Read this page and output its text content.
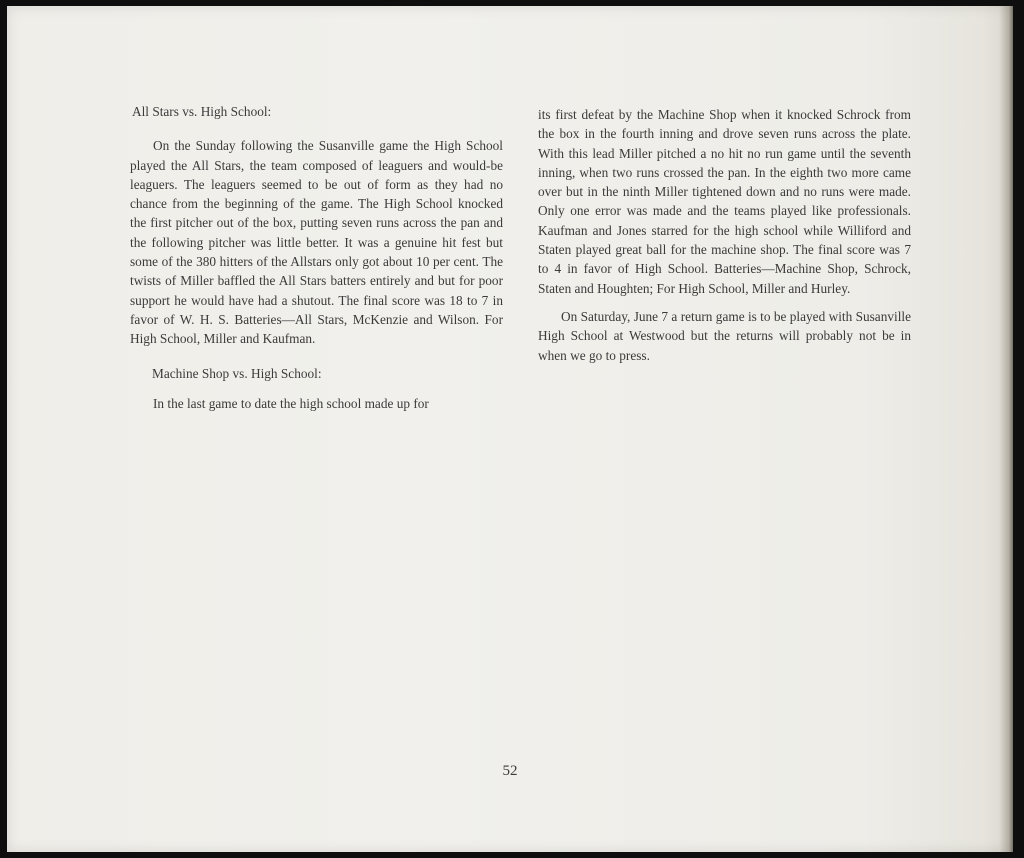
All Stars vs. High School:

On the Sunday following the Susanville game the High School played the All Stars, the team composed of leaguers and would-be leaguers. The leaguers seemed to be out of form as they had no chance from the beginning of the game. The High School knocked the first pitcher out of the box, putting seven runs across the pan and the following pitcher was little better. It was a genuine hit fest but some of the 380 hitters of the Allstars only got about 10 per cent. The twists of Miller baffled the All Stars batters entirely and but for poor support he would have had a shutout. The final score was 18 to 7 in favor of W. H. S. Batteries—All Stars, McKenzie and Wilson. For High School, Miller and Kaufman.

Machine Shop vs. High School:

In the last game to date the high school made up for

its first defeat by the Machine Shop when it knocked Schrock from the box in the fourth inning and drove seven runs across the plate. With this lead Miller pitched a no hit no run game until the seventh inning, when two runs crossed the pan. In the eighth two more came over but in the ninth Miller tightened down and no runs were made. Only one error was made and the teams played like professionals. Kaufman and Jones starred for the high school while Williford and Staten played great ball for the machine shop. The final score was 7 to 4 in favor of High School. Batteries—Machine Shop, Schrock, Staten and Houghten; For High School, Miller and Hurley.

On Saturday, June 7 a return game is to be played with Susanville High School at Westwood but the returns will probably not be in when we go to press.

52
